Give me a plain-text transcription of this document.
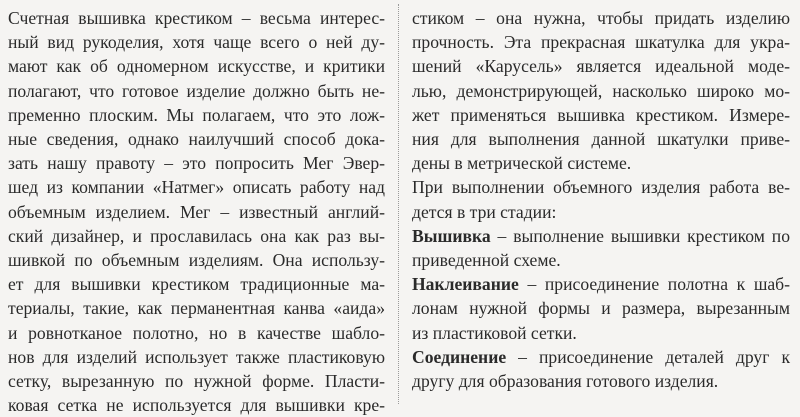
Счетная вышивка крестиком – весьма интерес-
ный вид рукоделия, хотя чаще всего о ней ду-
мают как об одномерном искусстве, и критики
полагают, что готовое изделие должно быть не-
пременно плоским. Мы полагаем, что это лож-
ные сведения, однако наилучший способ дока-
зать нашу правоту – это попросить Мег Эвер-
шед из компании «Натмег» описать работу над
объемным изделием. Мег – известный англий-
ский дизайнер, и прославилась она как раз вы-
шивкой по объемным изделиям. Она использу-
ет для вышивки крестиком традиционные ма-
териалы, такие, как перманентная канва «аида»
и ровнотканое полотно, но в качестве шабло-
нов для изделий использует также пластиковую
сетку, вырезанную по нужной форме. Пласти-
ковая сетка не используется для вышивки кре-
стиком – она нужна, чтобы придать изделию
прочность. Эта прекрасная шкатулка для укра-
шений «Карусель» является идеальной моде-
лью, демонстрирующей, насколько широко мо-
жет применяться вышивка крестиком. Измере-
ния для выполнения данной шкатулки приве-
дены в метрической системе.
При выполнении объемного изделия работа ве-
дется в три стадии:
Вышивка – выполнение вышивки крестиком по
приведенной схеме.
Наклеивание – присоединение полотна к шаб-
лонам нужной формы и размера, вырезанным
из пластиковой сетки.
Соединение – присоединение деталей друг к
другу для образования готового изделия.
